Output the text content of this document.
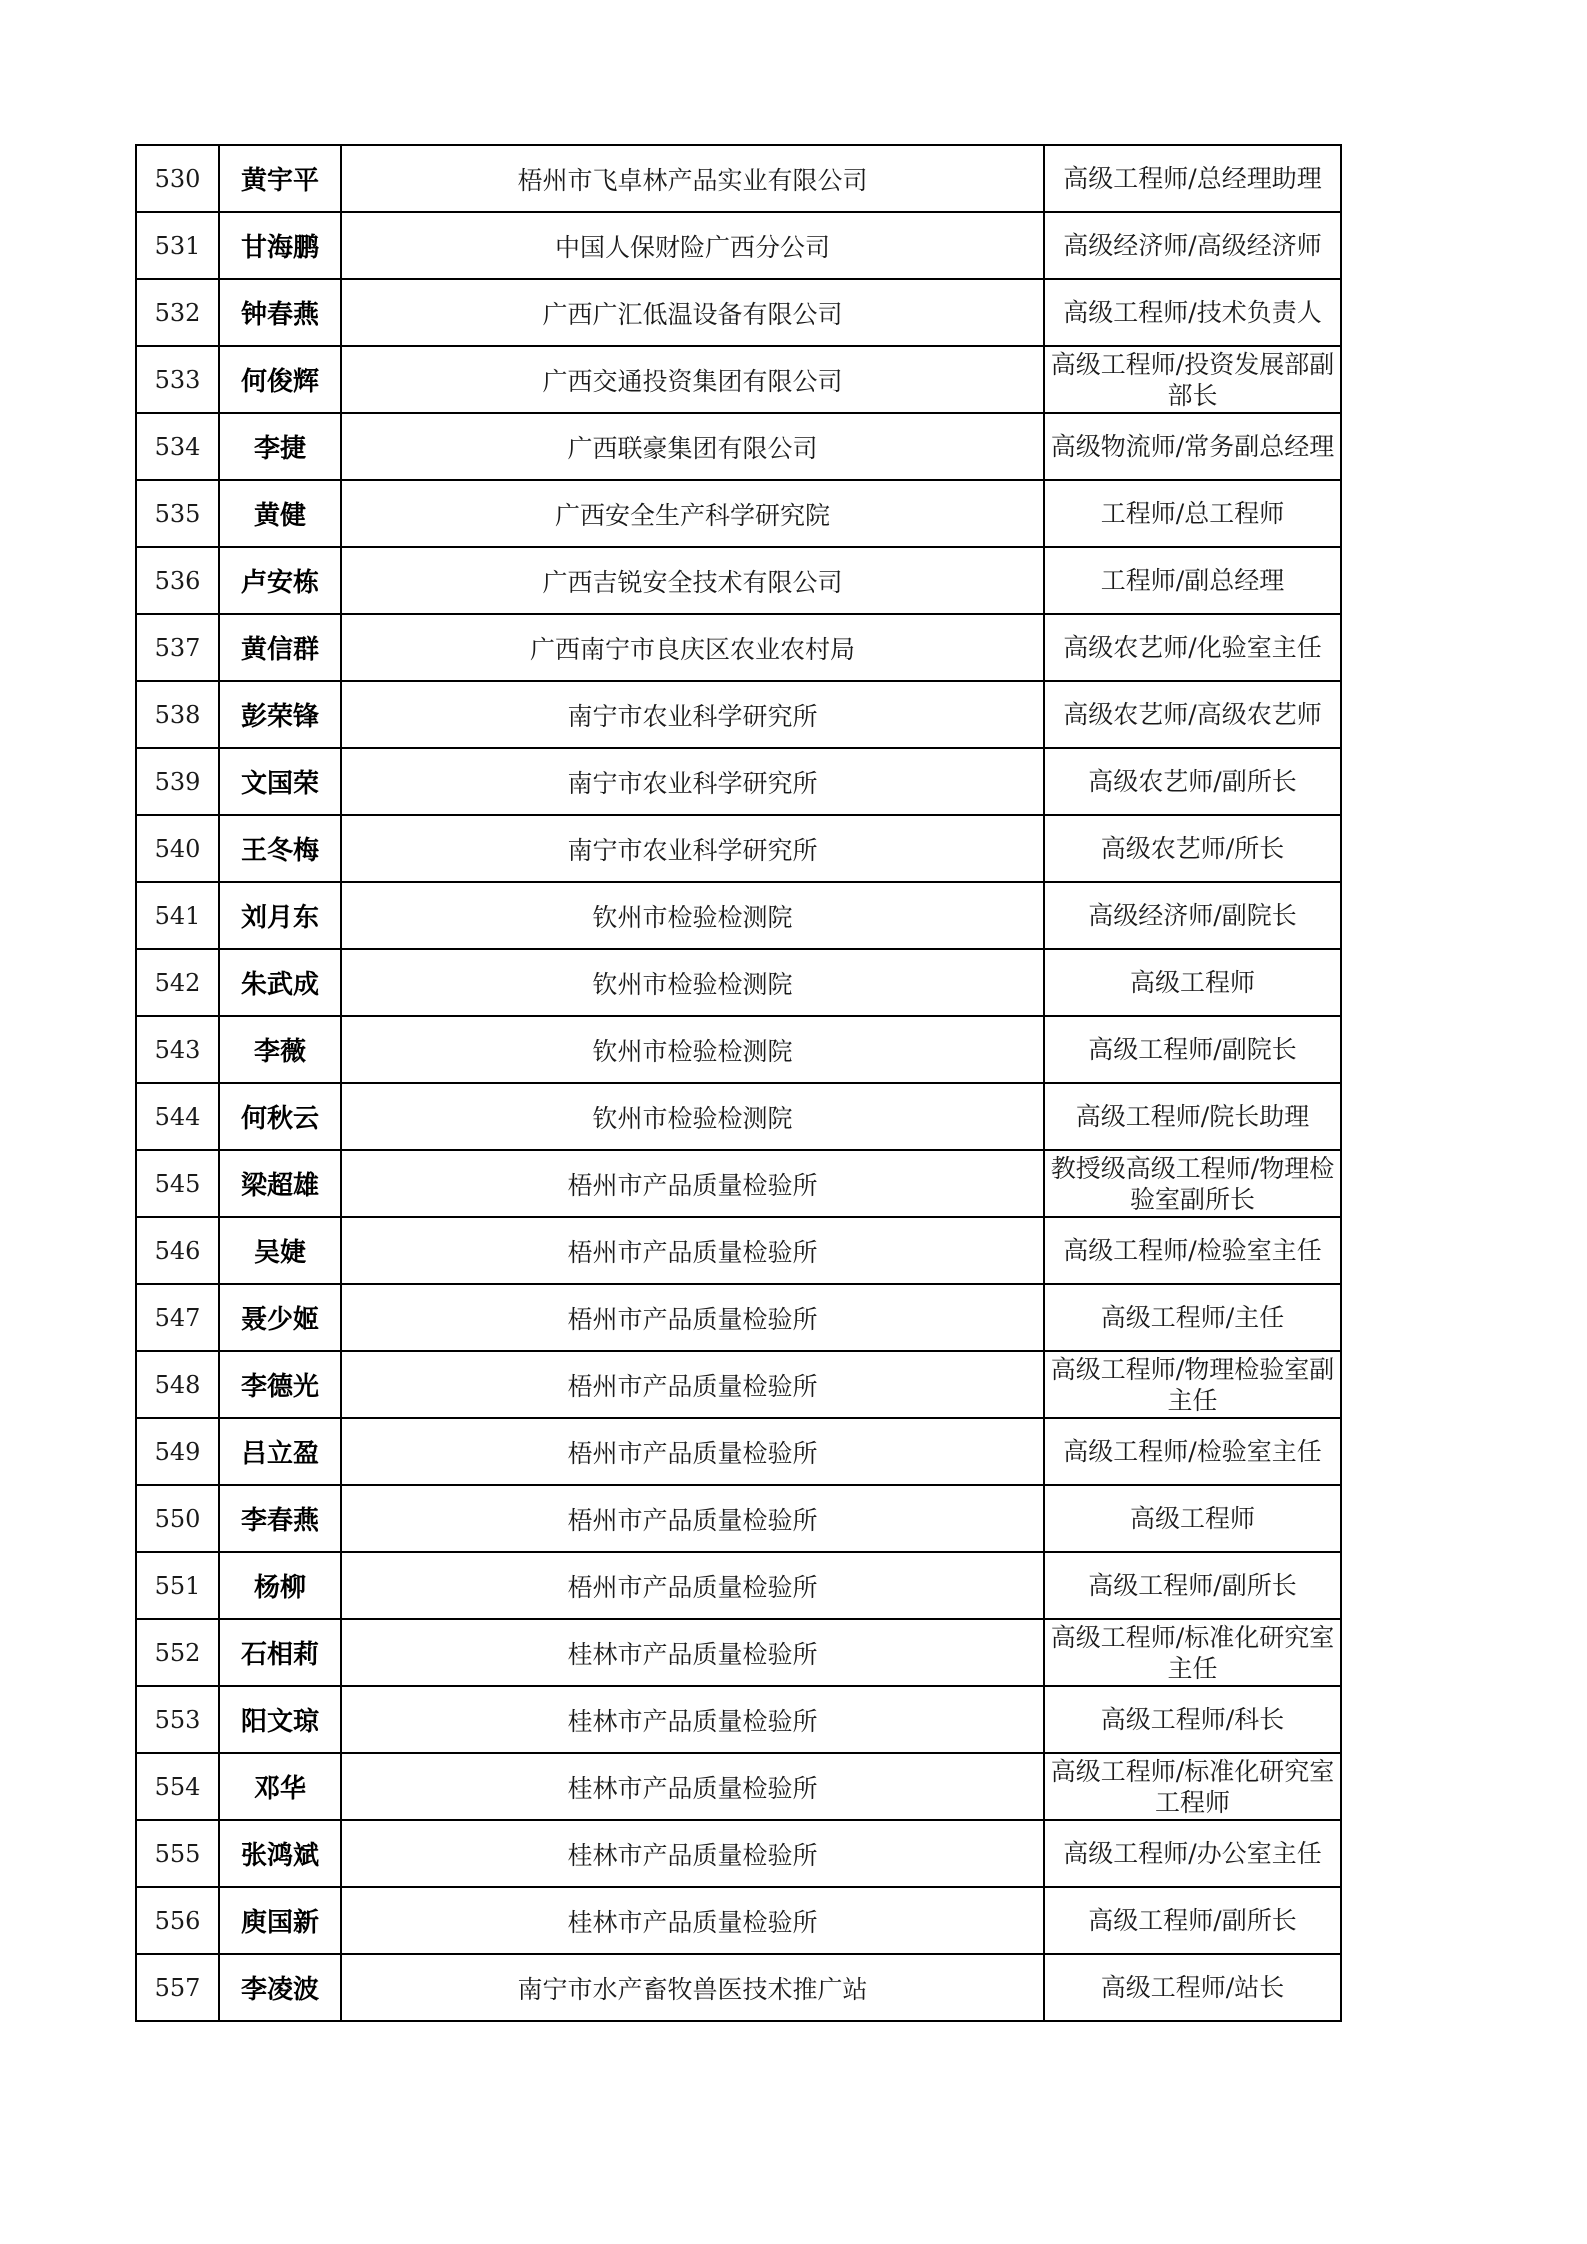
530	黄宇平	梧州市飞卓林产品实业有限公司	高级工程师/总经理助理
531	甘海鹏	中国人保财险广西分公司	高级经济师/高级经济师
532	钟春燕	广西广汇低温设备有限公司	高级工程师/技术负责人
533	何俊辉	广西交通投资集团有限公司	高级工程师/投资发展部副部长
534	李捷	广西联豪集团有限公司	高级物流师/常务副总经理
535	黄健	广西安全生产科学研究院	工程师/总工程师
536	卢安栋	广西吉锐安全技术有限公司	工程师/副总经理
537	黄信群	广西南宁市良庆区农业农村局	高级农艺师/化验室主任
538	彭荣锋	南宁市农业科学研究所	高级农艺师/高级农艺师
539	文国荣	南宁市农业科学研究所	高级农艺师/副所长
540	王冬梅	南宁市农业科学研究所	高级农艺师/所长
541	刘月东	钦州市检验检测院	高级经济师/副院长
542	朱武成	钦州市检验检测院	高级工程师
543	李薇	钦州市检验检测院	高级工程师/副院长
544	何秋云	钦州市检验检测院	高级工程师/院长助理
545	梁超雄	梧州市产品质量检验所	教授级高级工程师/物理检验室副所长
546	吴婕	梧州市产品质量检验所	高级工程师/检验室主任
547	聂少姬	梧州市产品质量检验所	高级工程师/主任
548	李德光	梧州市产品质量检验所	高级工程师/物理检验室副主任
549	吕立盈	梧州市产品质量检验所	高级工程师/检验室主任
550	李春燕	梧州市产品质量检验所	高级工程师
551	杨柳	梧州市产品质量检验所	高级工程师/副所长
552	石相莉	桂林市产品质量检验所	高级工程师/标准化研究室主任
553	阳文琼	桂林市产品质量检验所	高级工程师/科长
554	邓华	桂林市产品质量检验所	高级工程师/标准化研究室工程师
555	张鸿斌	桂林市产品质量检验所	高级工程师/办公室主任
556	庾国新	桂林市产品质量检验所	高级工程师/副所长
557	李凌波	南宁市水产畜牧兽医技术推广站	高级工程师/站长
